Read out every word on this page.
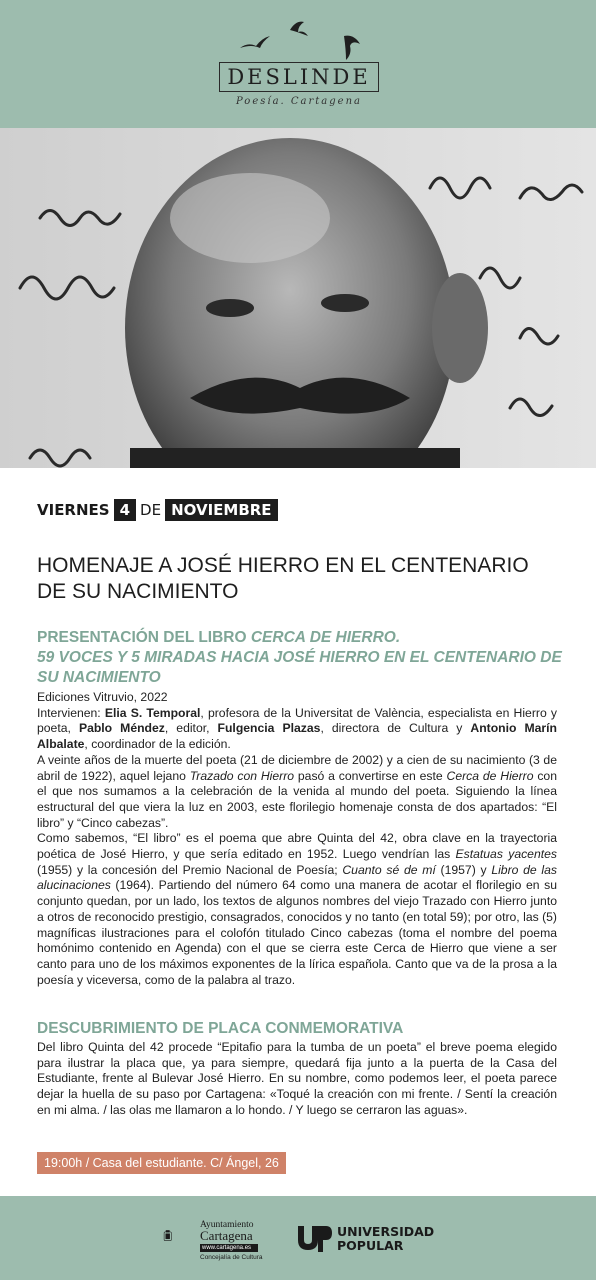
DESLINDE
Poesía. Cartagena
VIERNES 4 DE NOVIEMBRE
HOMENAJE A JOSÉ HIERRO EN EL CENTENARIO DE SU NACIMIENTO
PRESENTACIÓN DEL LIBRO CERCA DE HIERRO.
59 VOCES Y 5 MIRADAS HACIA JOSÉ HIERRO EN EL CENTENARIO DE SU NACIMIENTO

Ediciones Vitruvio, 2022

Intervienen: Elia S. Temporal, profesora de la Universitat de València, especialista en Hierro y poeta, Pablo Méndez, editor, Fulgencia Plazas, directora de Cultura y Antonio Marín Albalate, coordinador de la edición.

A veinte años de la muerte del poeta (21 de diciembre de 2002) y a cien de su nacimiento (3 de abril de 1922), aquel lejano Trazado con Hierro pasó a convertirse en este Cerca de Hierro con el que nos sumamos a la celebración de la venida al mundo del poeta. Siguiendo la línea estructural del que viera la luz en 2003, este florilegio homenaje consta de dos apartados: “El libro” y “Cinco cabezas”.

Como sabemos, “El libro” es el poema que abre Quinta del 42, obra clave en la trayectoria poética de José Hierro, y que sería editado en 1952. Luego vendrían las Estatuas yacentes (1955) y la concesión del Premio Nacional de Poesía; Cuanto sé de mí (1957) y Libro de las alucinaciones (1964). Partiendo del número 64 como una manera de acotar el florilegio en su conjunto quedan, por un lado, los textos de algunos nombres del viejo Trazado con Hierro junto a otros de reconocido prestigio, consagrados, conocidos y no tanto (en total 59); por otro, las (5) magníficas ilustraciones para el colofón titulado Cinco cabezas (toma el nombre del poema homónimo contenido en Agenda) con el que se cierra este Cerca de Hierro que viene a ser canto para uno de los máximos exponentes de la lírica española. Canto que va de la prosa a la poesía y viceversa, como de la palabra al trazo.

DESCUBRIMIENTO DE PLACA CONMEMORATIVA

Del libro Quinta del 42 procede “Epitafio para la tumba de un poeta” el breve poema elegido para ilustrar la placa que, ya para siempre, quedará fija junto a la puerta de la Casa del Estudiante, frente al Bulevar José Hierro. En su nombre, como podemos leer, el poeta parece dejar la huella de su paso por Cartagena: «Toqué la creación con mi frente. / Sentí la creación en mi alma. / las olas me llamaron a lo hondo. / Y luego se cerraron las aguas».

19:00h / Casa del estudiante. C/ Ángel, 26
Ayuntamiento
Cartagena
www.cartagena.es
Concejalía de Cultura
UNIVERSIDAD
POPULAR
